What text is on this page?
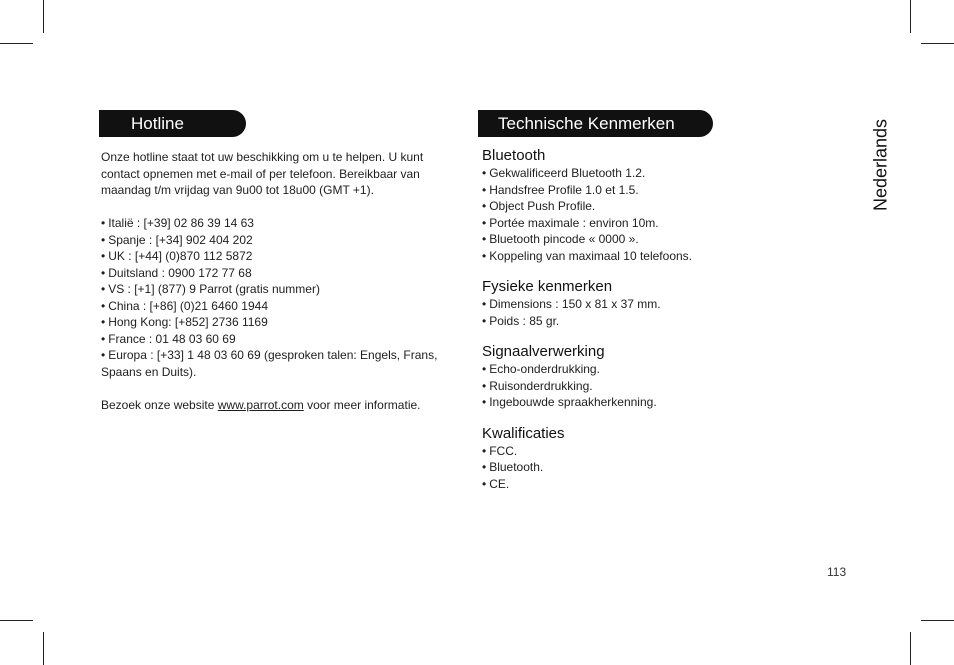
Hotline

Onze hotline staat tot uw beschikking om u te helpen. U kunt contact opnemen met e-mail of per telefoon. Bereikbaar van maandag t/m vrijdag van 9u00 tot 18u00 (GMT +1).

• Italië : [+39] 02 86 39 14 63
• Spanje : [+34] 902 404 202
• UK : [+44] (0)870 112 5872
• Duitsland : 0900 172 77 68
• VS : [+1] (877) 9 Parrot (gratis nummer)
• China : [+86] (0)21 6460 1944
• Hong Kong: [+852] 2736 1169
• France : 01 48 03 60 69
• Europa : [+33] 1 48 03 60 69 (gesproken talen: Engels, Frans, Spaans en Duits).

Bezoek onze website www.parrot.com voor meer informatie.

Technische Kenmerken

Bluetooth

• Gekwalificeerd Bluetooth 1.2.
• Handsfree Profile 1.0 et 1.5.
• Object Push Profile.
• Portée maximale : environ 10m.
• Bluetooth pincode « 0000 ».
• Koppeling van maximaal 10 telefoons.

Fysieke kenmerken

• Dimensions : 150 x 81 x 37 mm.
• Poids : 85 gr.

Signaalverwerking

• Echo-onderdrukking.
• Ruisonderdrukking.
• Ingebouwde spraakherkenning.

Kwalificaties

• FCC.
• Bluetooth.
• CE.
Nederlands
113
